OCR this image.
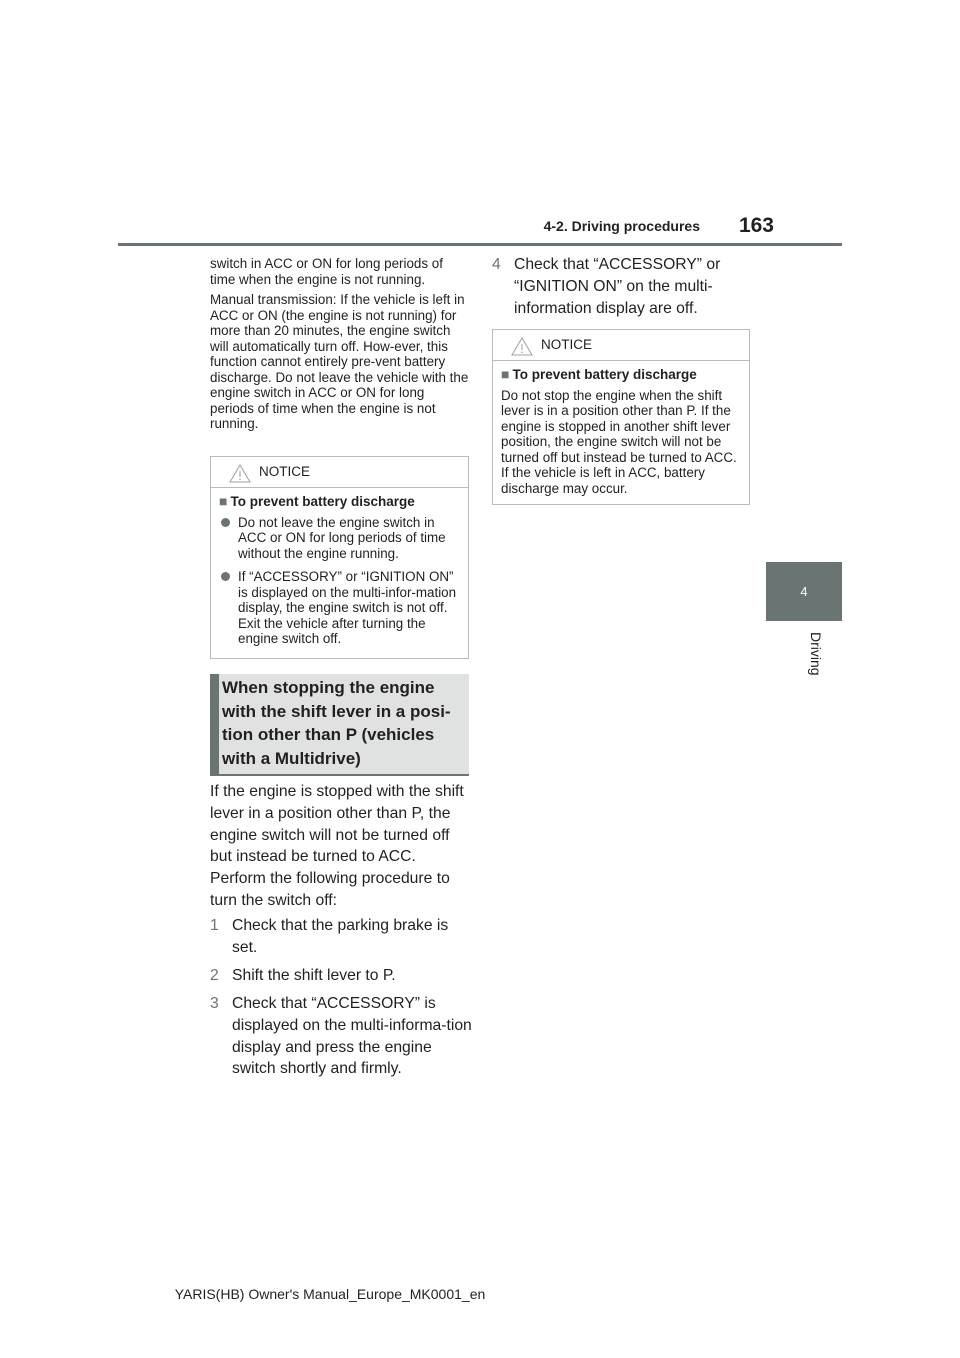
4-2. Driving procedures	163
4
Driving

switch in ACC or ON for long periods of time when the engine is not running.

Manual transmission: If the vehicle is left in ACC or ON (the engine is not running) for more than 20 minutes, the engine switch will automatically turn off. How-ever, this function cannot entirely pre-vent battery discharge. Do not leave the vehicle with the engine switch in ACC or ON for long periods of time when the engine is not running.

NOTICE
■ To prevent battery discharge
Do not leave the engine switch in ACC or ON for long periods of time without the engine running.
If “ACCESSORY” or “IGNITION ON” is displayed on the multi-infor-mation display, the engine switch is not off. Exit the vehicle after turning the engine switch off.
When stopping the engine with the shift lever in a posi-tion other than P (vehicles with a Multidrive)

If the engine is stopped with the shift lever in a position other than P, the engine switch will not be turned off but instead be turned to ACC. Perform the following procedure to turn the switch off:

1 Check that the parking brake is set.
2 Shift the shift lever to P.
3 Check that “ACCESSORY” is displayed on the multi-informa-tion display and press the engine switch shortly and firmly.
4 Check that “ACCESSORY” or “IGNITION ON” on the multi-information display are off.
NOTICE
■ To prevent battery discharge
Do not stop the engine when the shift lever is in a position other than P. If the engine is stopped in another shift lever position, the engine switch will not be turned off but instead be turned to ACC. If the vehicle is left in ACC, battery discharge may occur.
YARIS(HB) Owner's Manual_Europe_MK0001_en
